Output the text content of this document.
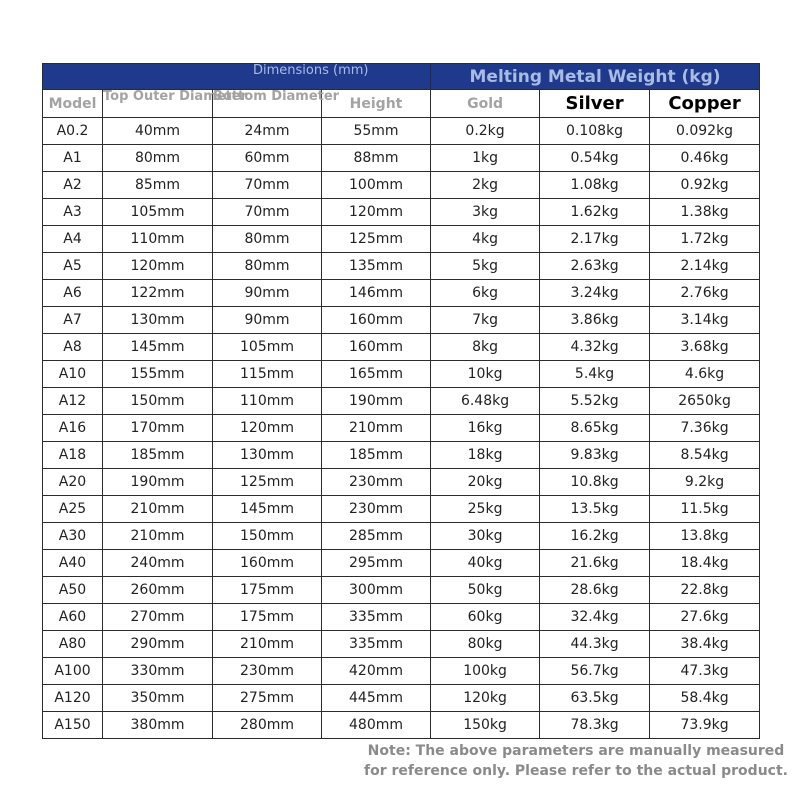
Dimensions (mm)				Melting Metal Weight (kg)		
Model	Top Outer Diameter	Bottom Diameter	Height	Gold	Silver	Copper
A0.2	40mm	24mm	55mm	0.2kg	0.108kg	0.092kg
A1	80mm	60mm	88mm	1kg	0.54kg	0.46kg
A2	85mm	70mm	100mm	2kg	1.08kg	0.92kg
A3	105mm	70mm	120mm	3kg	1.62kg	1.38kg
A4	110mm	80mm	125mm	4kg	2.17kg	1.72kg
A5	120mm	80mm	135mm	5kg	2.63kg	2.14kg
A6	122mm	90mm	146mm	6kg	3.24kg	2.76kg
A7	130mm	90mm	160mm	7kg	3.86kg	3.14kg
A8	145mm	105mm	160mm	8kg	4.32kg	3.68kg
A10	155mm	115mm	165mm	10kg	5.4kg	4.6kg
A12	150mm	110mm	190mm	6.48kg	5.52kg	2650kg
A16	170mm	120mm	210mm	16kg	8.65kg	7.36kg
A18	185mm	130mm	185mm	18kg	9.83kg	8.54kg
A20	190mm	125mm	230mm	20kg	10.8kg	9.2kg
A25	210mm	145mm	230mm	25kg	13.5kg	11.5kg
A30	210mm	150mm	285mm	30kg	16.2kg	13.8kg
A40	240mm	160mm	295mm	40kg	21.6kg	18.4kg
A50	260mm	175mm	300mm	50kg	28.6kg	22.8kg
A60	270mm	175mm	335mm	60kg	32.4kg	27.6kg
A80	290mm	210mm	335mm	80kg	44.3kg	38.4kg
A100	330mm	230mm	420mm	100kg	56.7kg	47.3kg
A120	350mm	275mm	445mm	120kg	63.5kg	58.4kg
A150	380mm	280mm	480mm	150kg	78.3kg	73.9kg
Note: The above parameters are manually measured for reference only. Please refer to the actual product.
